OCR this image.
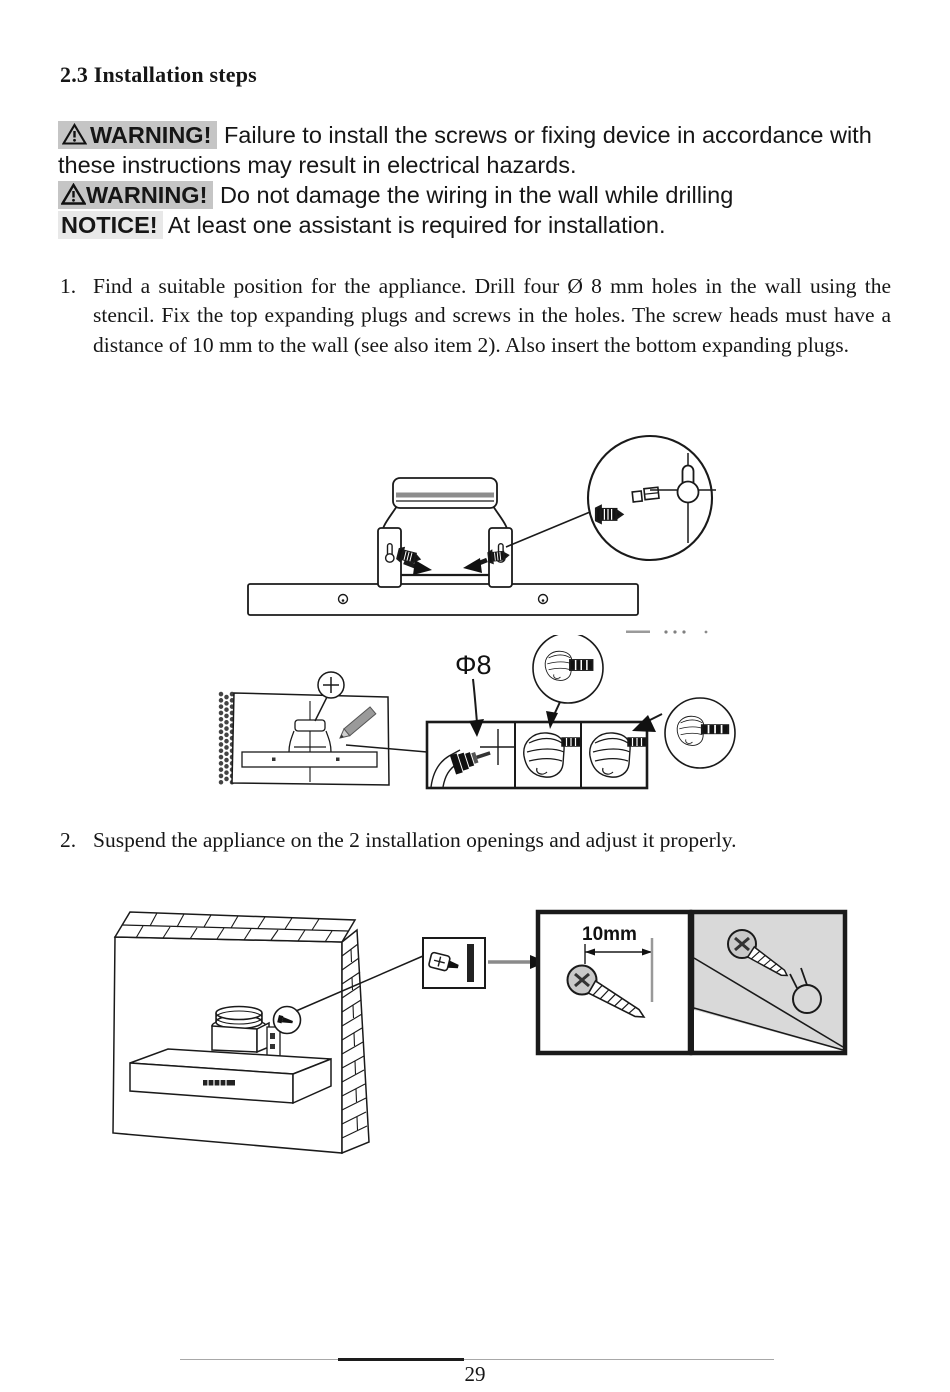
2.3 Installation steps

WARNING! Failure to install the screws or fixing device in accordance with these instructions may result in electrical hazards.

WARNING! Do not damage the wiring in the wall while drilling

NOTICE! At least one assistant is required for installation.

1. Find a suitable position for the appliance. Drill four Ø 8 mm holes in the wall using the stencil. Fix the top expanding plugs and screws in the holes. The screw heads must have a distance of 10 mm to the wall (see also item 2). Also insert the bottom expanding plugs.
Φ8
2. Suspend the appliance on the 2 installation openings and adjust it properly.
10mm
29
